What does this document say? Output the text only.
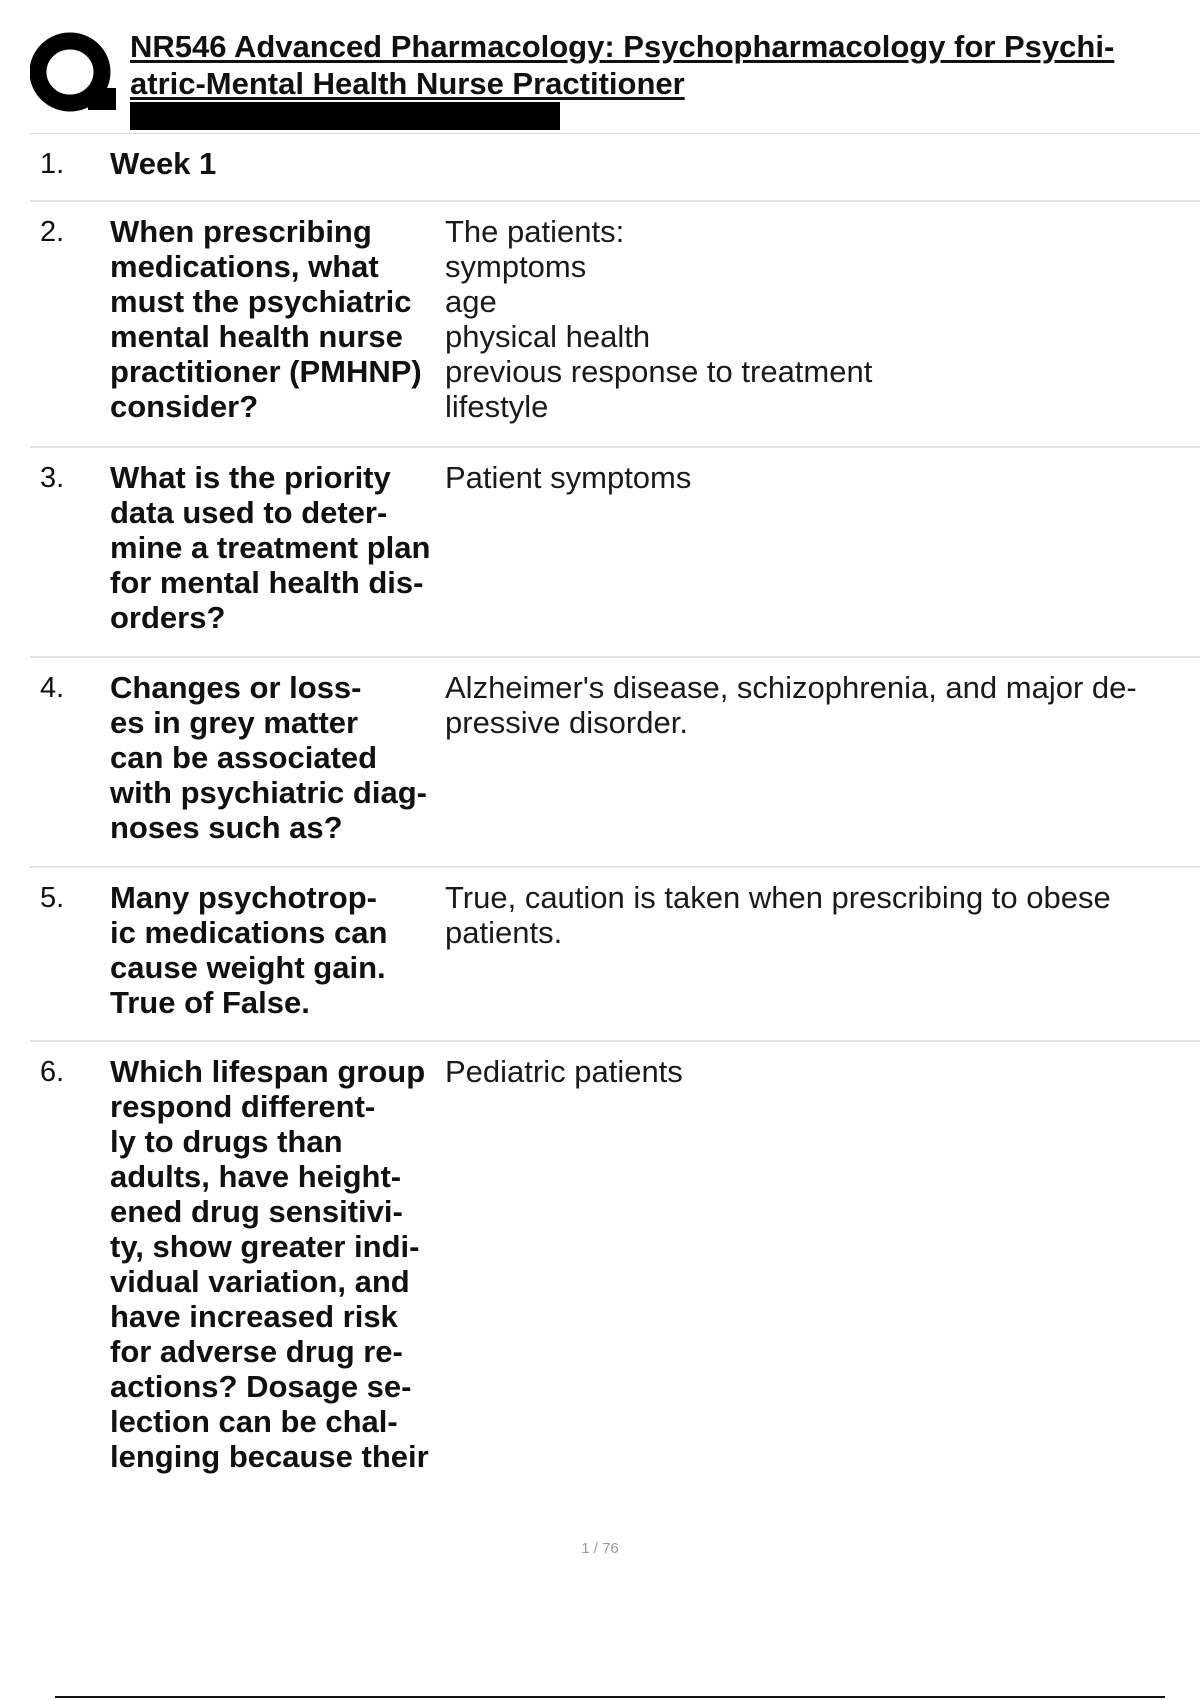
NR546 Advanced Pharmacology: Psychopharmacology for Psychi- atric-Mental Health Nurse Practitioner
1. Week 1
2. When prescribing
medications, what
must the psychiatric
mental health nurse
practitioner (PMHNP)
consider?
The patients:
symptoms
age
physical health
previous response to treatment
lifestyle
3. What is the priority
data used to deter-
mine a treatment plan
for mental health dis-
orders?
Patient symptoms
4. Changes or loss-
es in grey matter
can be associated
with psychiatric diag-
noses such as?
Alzheimer's disease, schizophrenia, and major de-
pressive disorder.
5. Many psychotrop-
ic medications can
cause weight gain.
True of False.
True, caution is taken when prescribing to obese
patients.
6. Which lifespan group
respond different-
ly to drugs than
adults, have height-
ened drug sensitivi-
ty, show greater indi-
vidual variation, and
have increased risk
for adverse drug re-
actions? Dosage se-
lection can be chal-
lenging because their
Pediatric patients
1 / 76
